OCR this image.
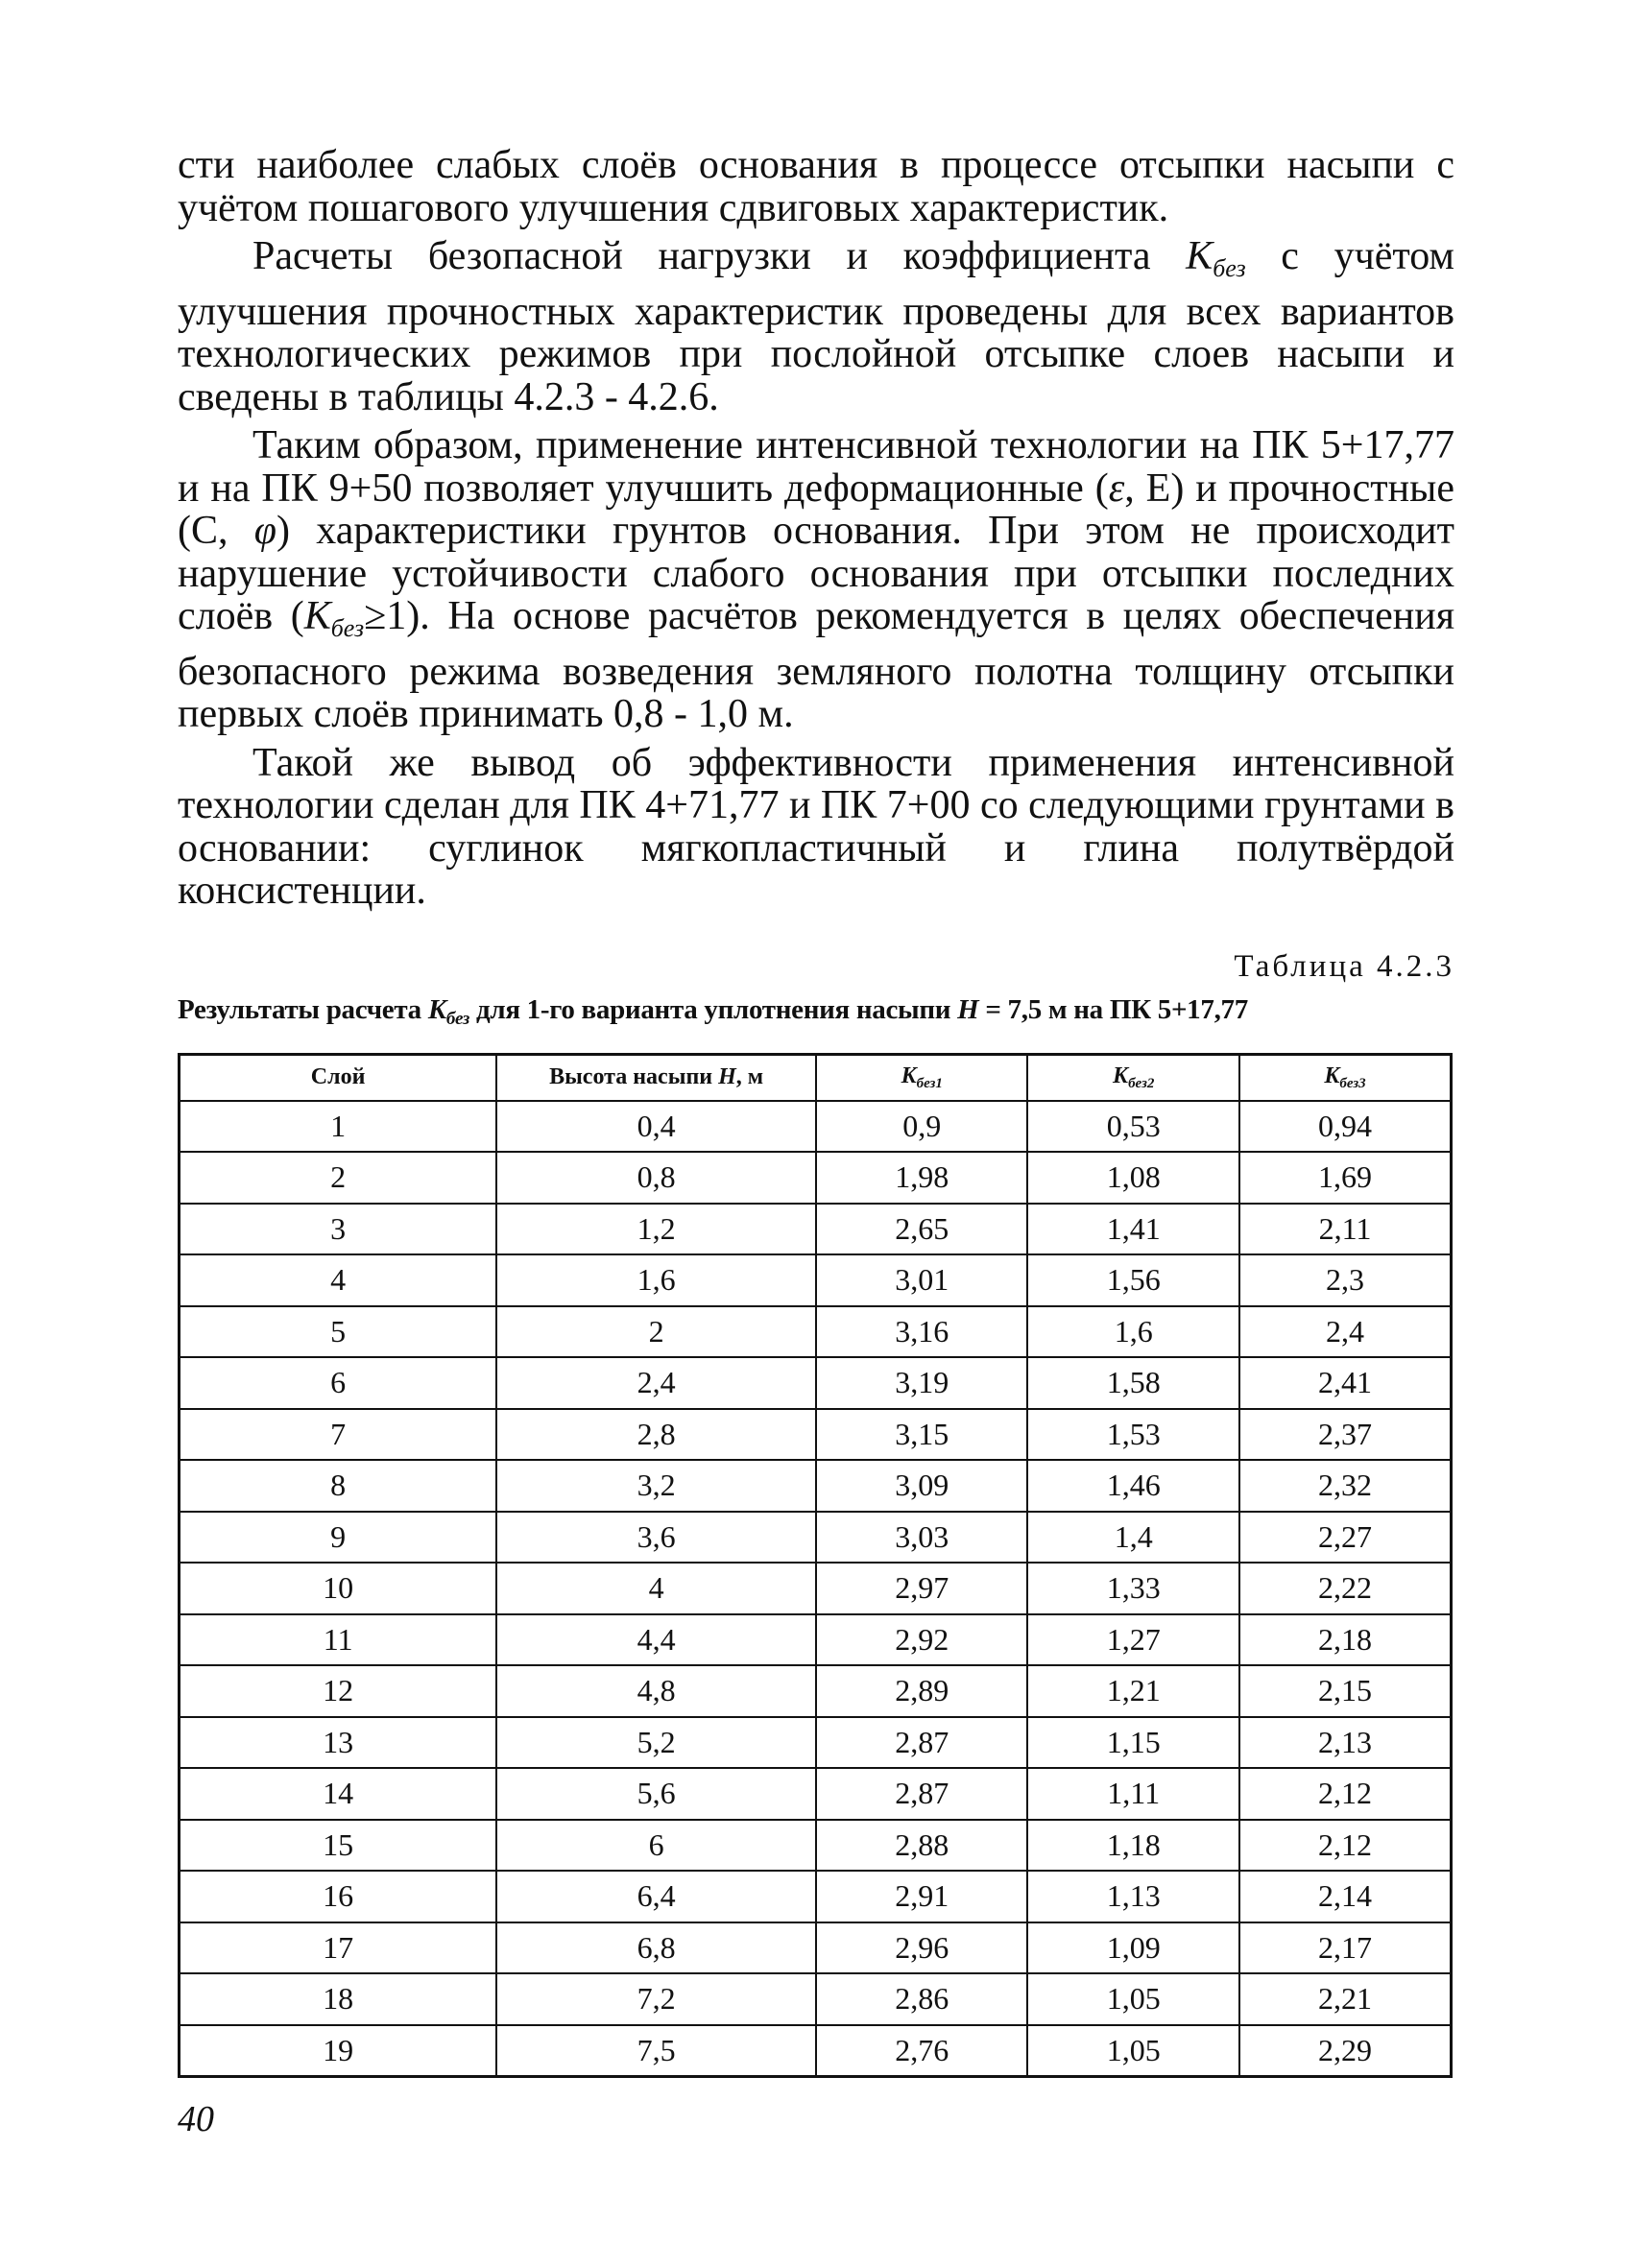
сти наиболее слабых слоёв основания в процессе отсыпки насыпи с учётом пошагового улучшения сдвиговых характеристик.

Расчеты безопасной нагрузки и коэффициента Kбез с учётом улучшения прочностных характеристик проведены для всех вариантов технологических режимов при послойной отсыпке слоев насыпи и сведены в таблицы 4.2.3 - 4.2.6.

Таким образом, применение интенсивной технологии на ПК 5+17,77 и на ПК 9+50 позволяет улучшить деформационные (ε, E) и прочностные (C, φ) характеристики грунтов основания. При этом не происходит нарушение устойчивости слабого основания при отсыпки последних слоёв (Kбез≥1). На основе расчётов рекомендуется в целях обеспечения безопасного режима возведения земляного полотна толщину отсыпки первых слоёв принимать 0,8 - 1,0 м.

Такой же вывод об эффективности применения интенсивной технологии сделан для ПК 4+71,77 и ПК 7+00 со следующими грунтами в основании: суглинок мягкопластичный и глина полутвёрдой консистенции.

Таблица 4.2.3
Результаты расчета $K_{без}$ для 1-го варианта уплотнения насыпи H = 7,5 м на ПК 5+17,77
Слой	Высота насыпи H, м	$K_{без1}$	$K_{без2}$	$K_{без3}$
1	0,4	0,9	0,53	0,94
2	0,8	1,98	1,08	1,69
3	1,2	2,65	1,41	2,11
4	1,6	3,01	1,56	2,3
5	2	3,16	1,6	2,4
6	2,4	3,19	1,58	2,41
7	2,8	3,15	1,53	2,37
8	3,2	3,09	1,46	2,32
9	3,6	3,03	1,4	2,27
10	4	2,97	1,33	2,22
11	4,4	2,92	1,27	2,18
12	4,8	2,89	1,21	2,15
13	5,2	2,87	1,15	2,13
14	5,6	2,87	1,11	2,12
15	6	2,88	1,18	2,12
16	6,4	2,91	1,13	2,14
17	6,8	2,96	1,09	2,17
18	7,2	2,86	1,05	2,21
19	7,5	2,76	1,05	2,29
40
